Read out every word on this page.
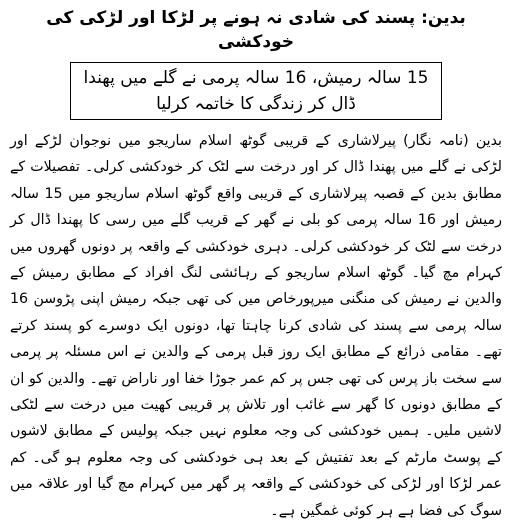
بدین: پسند کی شادی نہ ہونے پر لڑکا اور لڑکی کی خودکشی
15 سالہ رمیش، 16 سالہ پرمی نے گلے میں پھندا ڈال کر زندگی کا خاتمہ کرلیا

بدین (نامہ نگار) پیرلاشاری کے قریبی گوٹھ اسلام ساریجو میں نوجوان لڑکے اور لڑکی نے گلے میں پھندا ڈال کر اور درخت سے لٹک کر خودکشی کرلی۔ تفصیلات کے مطابق بدین کے قصبہ پیرلاشاری کے قریبی واقع گوٹھ اسلام ساریجو میں 15 سالہ رمیش اور 16 سالہ پرمی کو بلی نے گھر کے قریب گلے میں رسی کا پھندا ڈال کر درخت سے لٹک کر خودکشی کرلی۔ دہری خودکشی کے واقعہ پر دونوں گھروں میں کہرام مچ گیا۔ گوٹھ اسلام ساریجو کے رہائشی لنگ افراد کے مطابق رمیش کے والدین نے رمیش کی منگنی میرپورخاص میں کی تھی جبکہ رمیش اپنی پڑوسن 16 سالہ پرمی سے پسند کی شادی کرنا چاہتا تھا، دونوں ایک دوسرے کو پسند کرتے تھے۔ مقامی ذرائع کے مطابق ایک روز قبل پرمی کے والدین نے اس مسئلہ پر پرمی سے سخت باز پرس کی تھی جس پر کم عمر جوڑا خفا اور ناراض تھے۔ والدین کو ان کے مطابق دونوں کا گھر سے غائب اور تلاش پر قریبی کھیت میں درخت سے لٹکی لاشیں ملیں۔ ہمیں خودکشی کی وجہ معلوم نہیں جبکہ پولیس کے مطابق لاشوں کے پوسٹ مارٹم کے بعد تفتیش کے بعد ہی خودکشی کی وجہ معلوم ہو گی۔ کم عمر لڑکا اور لڑکی کی خودکشی کے واقعہ پر گھر میں کہرام مچ گیا اور علاقہ میں سوگ کی فضا ہے ہر کوئی غمگین ہے۔
